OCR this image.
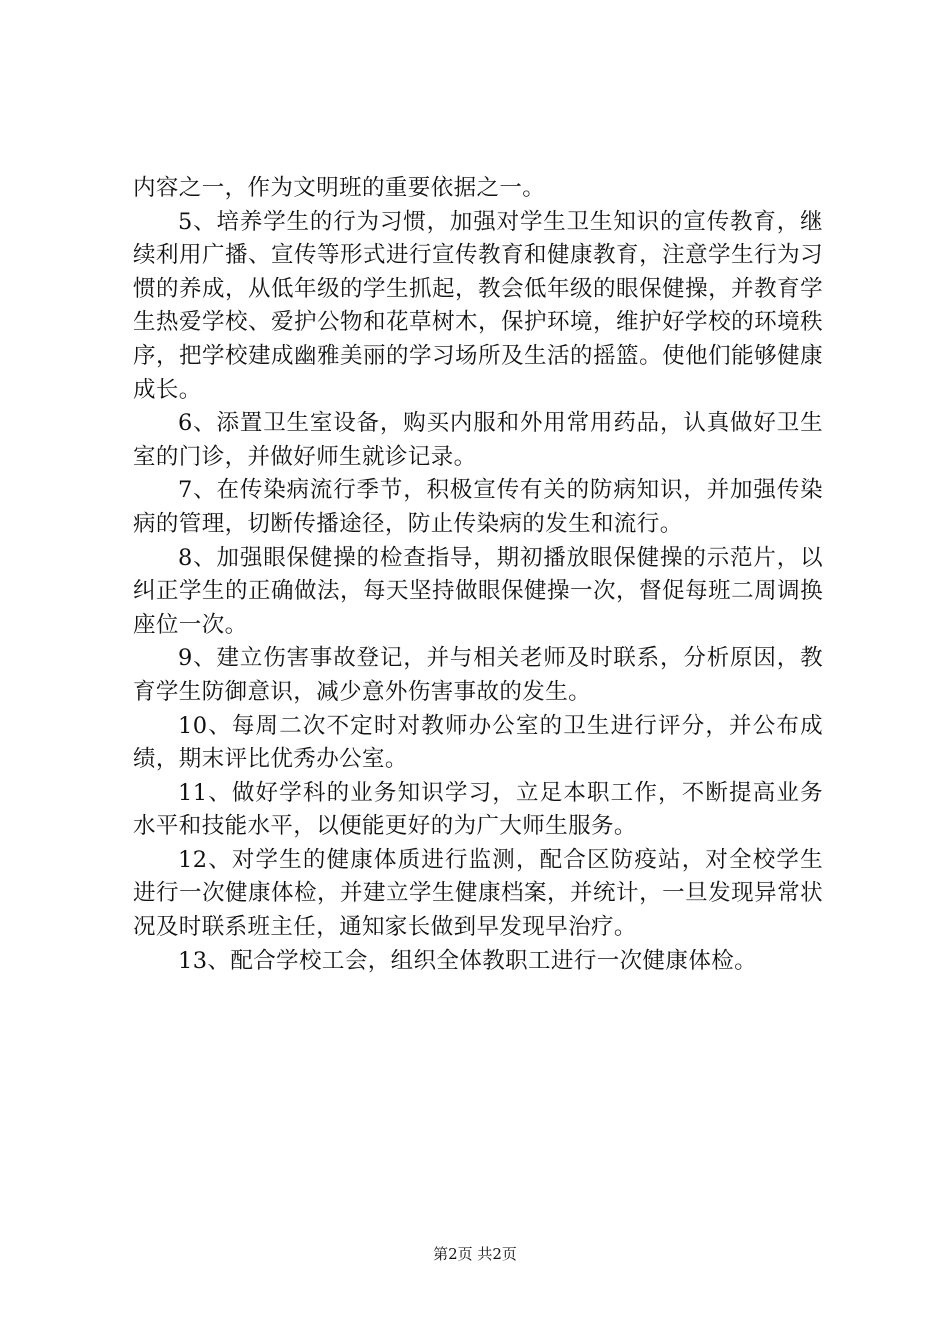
内容之一，作为文明班的重要依据之一。

5、培养学生的行为习惯，加强对学生卫生知识的宣传教育，继续利用广播、宣传等形式进行宣传教育和健康教育，注意学生行为习惯的养成，从低年级的学生抓起，教会低年级的眼保健操，并教育学生热爱学校、爱护公物和花草树木，保护环境，维护好学校的环境秩序，把学校建成幽雅美丽的学习场所及生活的摇篮。使他们能够健康成长。

6、添置卫生室设备，购买内服和外用常用药品，认真做好卫生室的门诊，并做好师生就诊记录。

7、在传染病流行季节，积极宣传有关的防病知识，并加强传染病的管理，切断传播途径，防止传染病的发生和流行。

8、加强眼保健操的检查指导，期初播放眼保健操的示范片，以纠正学生的正确做法，每天坚持做眼保健操一次，督促每班二周调换座位一次。

9、建立伤害事故登记，并与相关老师及时联系，分析原因，教育学生防御意识，减少意外伤害事故的发生。

10、每周二次不定时对教师办公室的卫生进行评分，并公布成绩，期末评比优秀办公室。

11、做好学科的业务知识学习，立足本职工作，不断提高业务水平和技能水平，以便能更好的为广大师生服务。

12、对学生的健康体质进行监测，配合区防疫站，对全校学生进行一次健康体检，并建立学生健康档案，并统计，一旦发现异常状况及时联系班主任，通知家长做到早发现早治疗。

13、配合学校工会，组织全体教职工进行一次健康体检。

第2页 共2页
